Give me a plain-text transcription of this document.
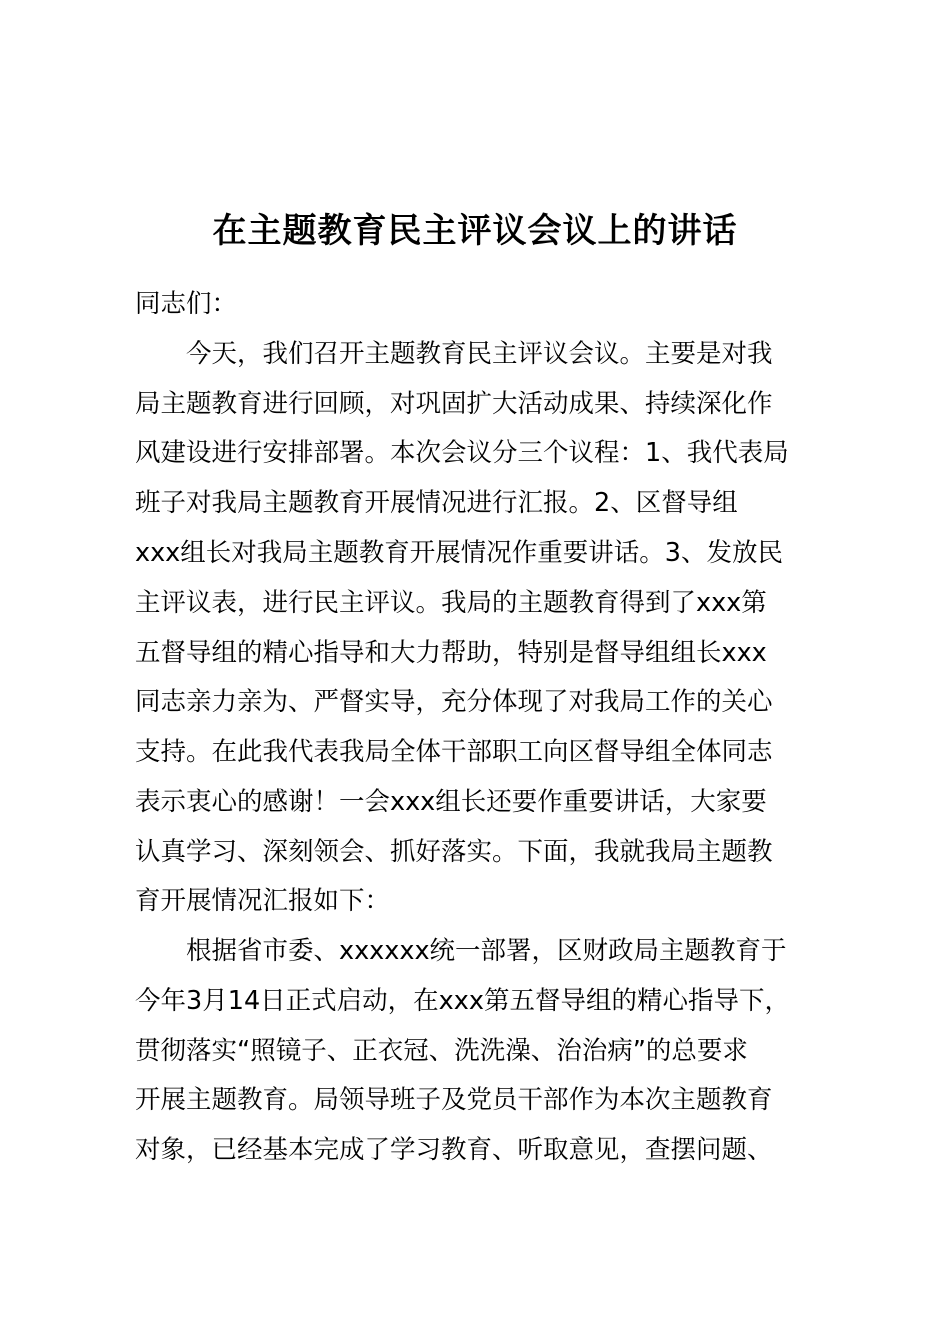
在主题教育民主评议会议上的讲话
同志们：
今天，我们召开主题教育民主评议会议。主要是对我
局主题教育进行回顾，对巩固扩大活动成果、持续深化作
风建设进行安排部署。本次会议分三个议程：1、我代表局
班子对我局主题教育开展情况进行汇报。2、区督导组
xxx组长对我局主题教育开展情况作重要讲话。3、发放民
主评议表，进行民主评议。我局的主题教育得到了xxx第
五督导组的精心指导和大力帮助，特别是督导组组长xxx
同志亲力亲为、严督实导，充分体现了对我局工作的关心
支持。在此我代表我局全体干部职工向区督导组全体同志
表示衷心的感谢！一会xxx组长还要作重要讲话，大家要
认真学习、深刻领会、抓好落实。下面，我就我局主题教
育开展情况汇报如下：
根据省市委、xxxxxx统一部署，区财政局主题教育于
今年3月14日正式启动，在xxx第五督导组的精心指导下，
贯彻落实“照镜子、正衣冠、洗洗澡、治治病”的总要求
开展主题教育。局领导班子及党员干部作为本次主题教育
对象，已经基本完成了学习教育、听取意见，查摆问题、
